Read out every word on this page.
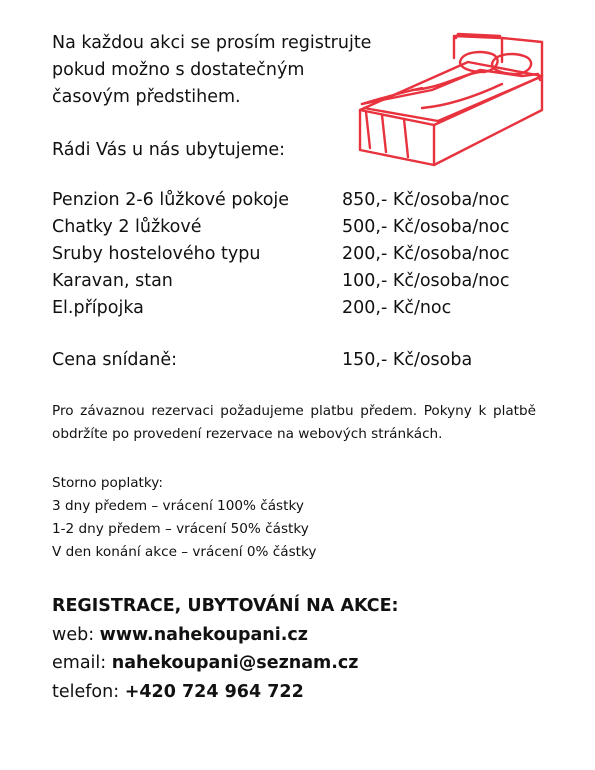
Na každou akci se prosím registrujte
pokud možno s dostatečným
časovým předstihem.

Rádi Vás u nás ubytujeme:

Penzion 2-6 lůžkové pokoje	850,- Kč/osoba/noc
Chatky 2 lůžkové	500,- Kč/osoba/noc
Sruby hostelového typu	200,- Kč/osoba/noc
Karavan, stan	100,- Kč/osoba/noc
El.přípojka	200,- Kč/noc
Cena snídaně:	150,- Kč/osoba

Pro závaznou rezervaci požadujeme platbu předem. Pokyny k platbě obdržíte po provedení rezervace na webových stránkách.

Storno poplatky:
3 dny předem – vrácení 100% částky
1-2 dny předem – vrácení 50% částky
V den konání akce – vrácení 0% částky

REGISTRACE, UBYTOVÁNÍ NA AKCE:
web: www.nahekoupani.cz
email: nahekoupani@seznam.cz
telefon: +420 724 964 722
